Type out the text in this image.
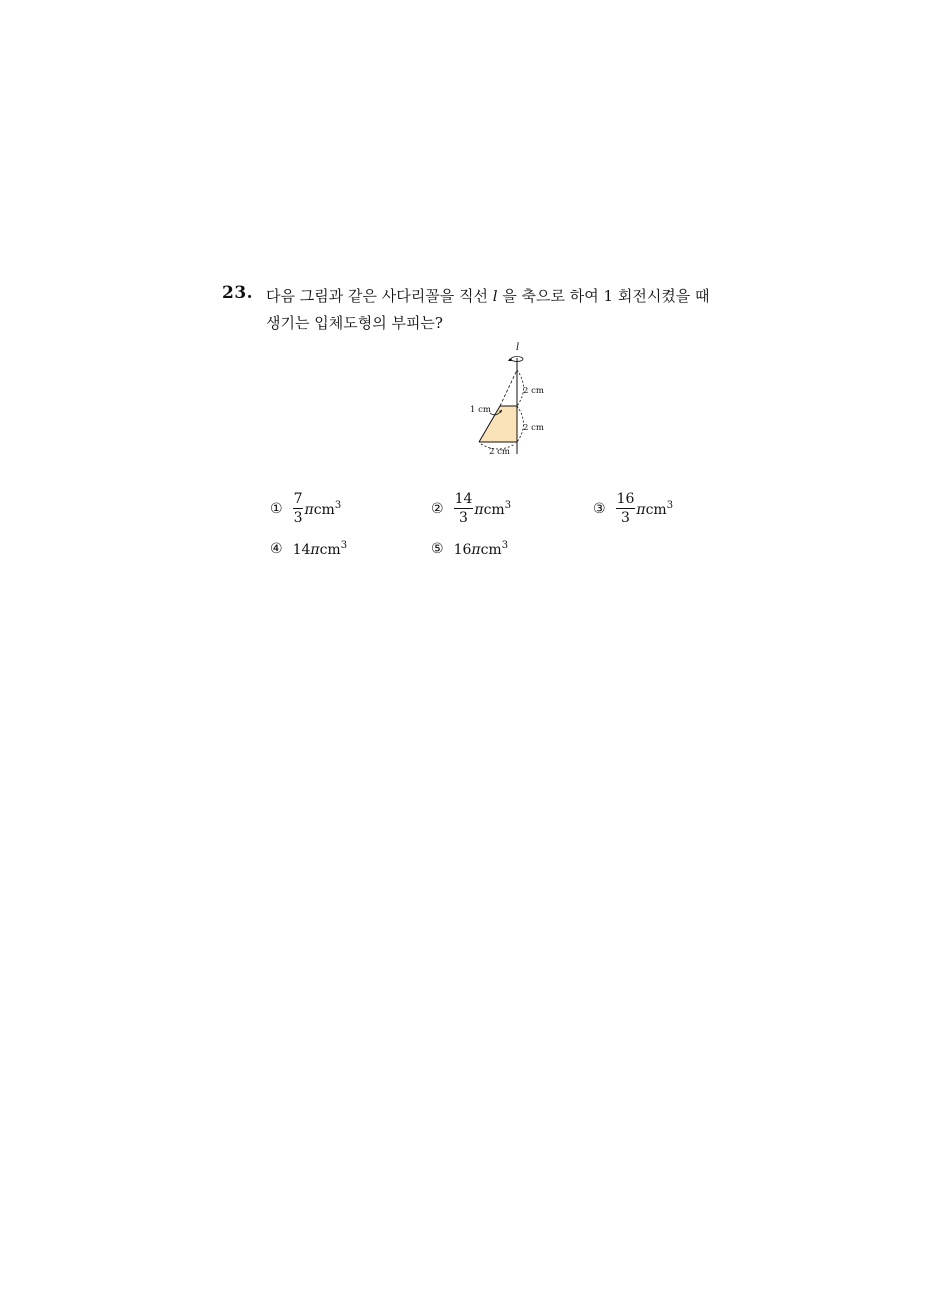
23. 다음 그림과 같은 사다리꼴을 직선 l 을 축으로 하여 1 회전시켰을 때
생기는 입체도형의 부피는?
l
2 cm
1 cm
2 cm
2 cm
① $\frac{7}{3} \pi cm^3$	② $\frac{14}{3} \pi cm^3$	③ $\frac{16}{3} \pi cm^3$
④ 14πcm$^3$	⑤ 16πcm$^3$
